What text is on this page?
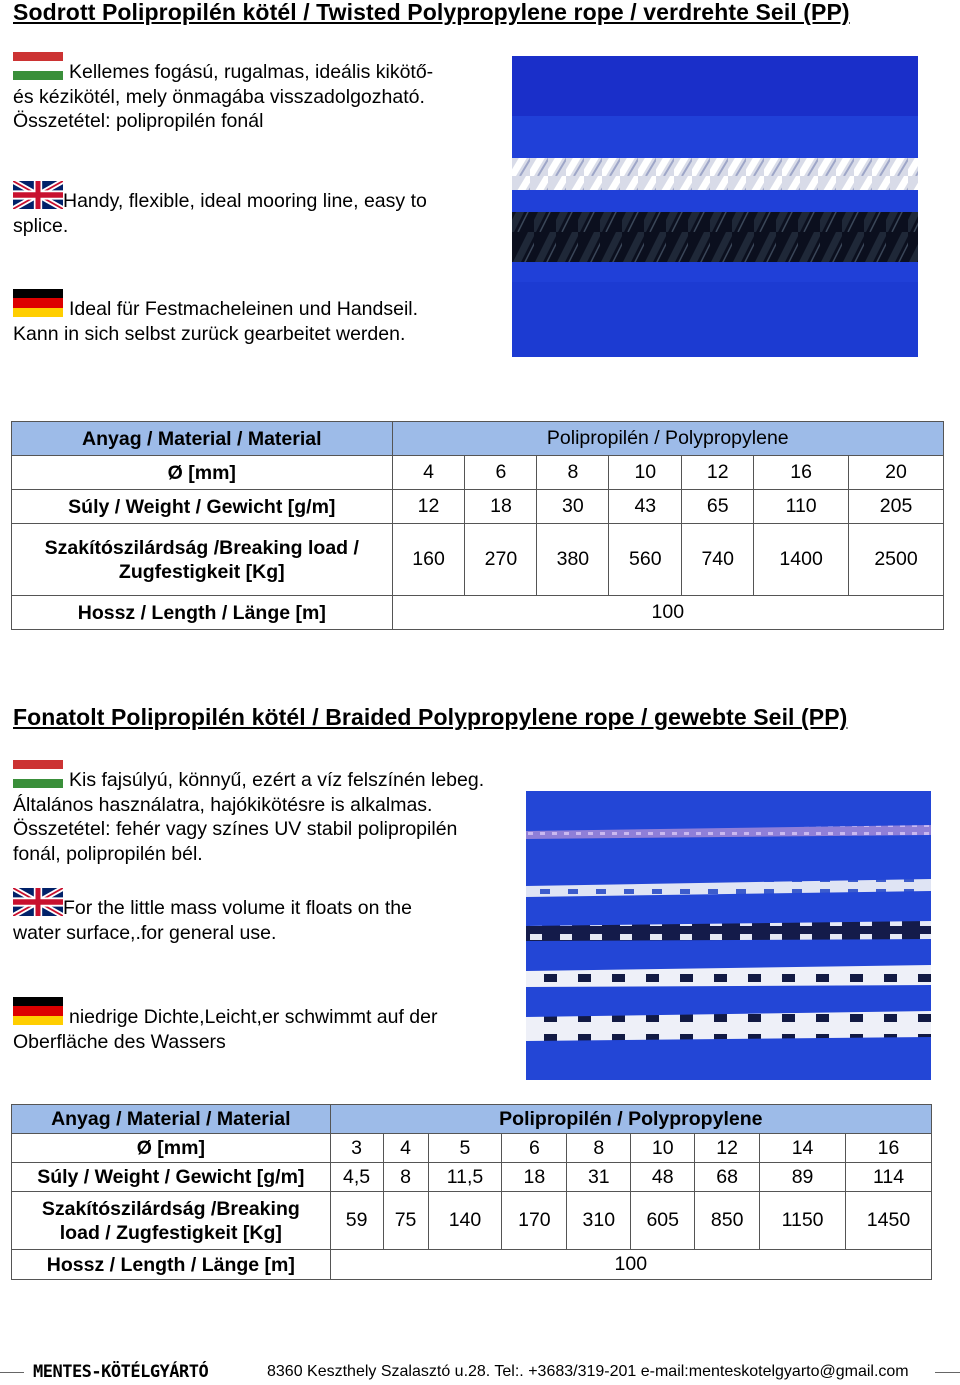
Sodrott Polipropilén kötél / Twisted Polypropylene rope / verdrehte Seil (PP)
Kellemes fogású, rugalmas, ideális kikötő-
és kézikötél, mely önmagába visszadolgozható.
Összetétel: polipropilén fonál
Handy, flexible, ideal mooring line, easy to
splice.
Ideal für Festmacheleinen und Handseil.
Kann in sich selbst zurück gearbeitet werden.
Anyag / Material / Material	Polipropilén / Polypropylene						
Ø [mm]	4	6	8	10	12	16	20
Súly / Weight / Gewicht [g/m]	12	18	30	43	65	110	205

Szakítószilárdság /Breaking load /
Zugfestigkeit [Kg]	160	270	380	560	740	1400	2500
Hossz / Length / Länge [m]	100						
Fonatolt Polipropilén kötél / Braided Polypropylene rope / gewebte Seil (PP)
Kis fajsúlyú, könnyű, ezért a víz felszínén lebeg.
Általános használatra, hajókikötésre is alkalmas.
Összetétel: fehér vagy színes UV stabil polipropilén
fonál, polipropilén bél.
For the little mass volume it floats on the
water surface,.for general use.
niedrige Dichte,Leicht,er schwimmt auf der
Oberfläche des Wassers
Anyag / Material / Material	Polipropilén / Polypropylene								
Ø [mm]	3	4	5	6	8	10	12	14	16
Súly / Weight / Gewicht [g/m]	4,5	8	11,5	18	31	48	68	89	114

Szakítószilárdság /Breaking
load / Zugfestigkeit [Kg]	59	75	140	170	310	605	850	1150	1450
Hossz / Length / Länge [m]	100								
MENTES-KÖTÉLGYÁRTÓ	8360 Keszthely Szalasztó u.28. Tel:. +3683/319-201 e-mail:menteskotelgyarto@gmail.com
